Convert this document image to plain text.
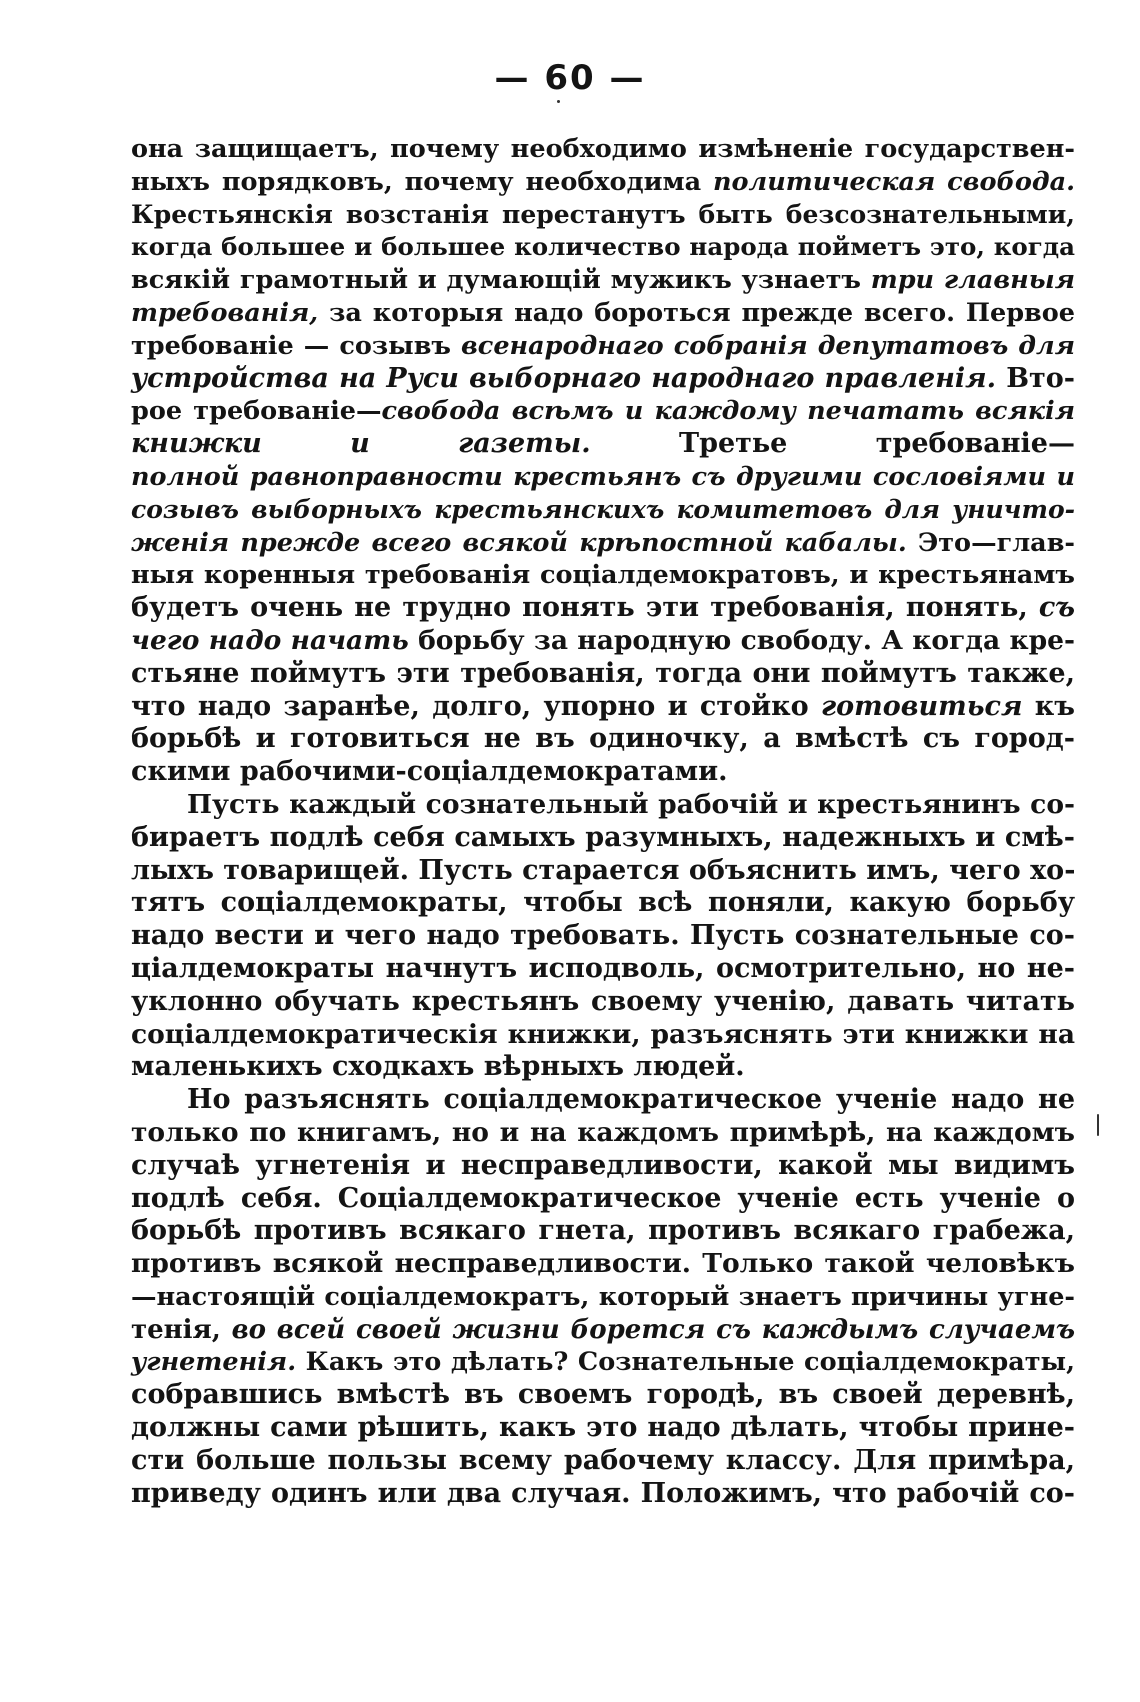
— 60 —
она защищаетъ, почему необходимо измѣненіе государствен-
ныхъ порядковъ, почему необходима политическая свобода.
Крестьянскія возстанія перестанутъ быть безсознательными,
когда большее и большее количество народа пойметъ это, когда
всякій грамотный и думающій мужикъ узнаетъ три главныя
требованія, за которыя надо бороться прежде всего. Первое
требованіе — созывъ всенароднаго собранія депутатовъ для
устройства на Руси выборнаго народнаго правленія. Вто-
рое требованіе—свобода всѣмъ и каждому печатать всякія
книжки и газеты. Третье требованіе—
полной равноправности крестьянъ съ другими сословіями и
созывъ выборныхъ крестьянскихъ комитетовъ для уничто-
женія прежде всего всякой крѣпостной кабалы. Это—глав-
ныя коренныя требованія соціалдемократовъ, и крестьянамъ
будетъ очень не трудно понять эти требованія, понять, съ
чего надо начать борьбу за народную свободу. А когда кре-
стьяне поймутъ эти требованія, тогда они поймутъ также,
что надо заранѣе, долго, упорно и стойко готовиться къ
борьбѣ и готовиться не въ одиночку, а вмѣстѣ съ город-
скими рабочими-соціалдемократами.
Пусть каждый сознательный рабочій и крестьянинъ со-
бираетъ подлѣ себя самыхъ разумныхъ, надежныхъ и смѣ-
лыхъ товарищей. Пусть старается объяснить имъ, чего хо-
тятъ соціалдемократы, чтобы всѣ поняли, какую борьбу
надо вести и чего надо требовать. Пусть сознательные со-
ціалдемократы начнутъ исподволь, осмотрительно, но не-
уклонно обучать крестьянъ своему ученію, давать читать
соціалдемократическія книжки, разъяснять эти книжки на
маленькихъ сходкахъ вѣрныхъ людей.
Но разъяснять соціалдемократическое ученіе надо не
только по книгамъ, но и на каждомъ примѣрѣ, на каждомъ
случаѣ угнетенія и несправедливости, какой мы видимъ
подлѣ себя. Соціалдемократическое ученіе есть ученіе о
борьбѣ противъ всякаго гнета, противъ всякаго грабежа,
противъ всякой несправедливости. Только такой человѣкъ
—настоящій соціалдемократъ, который знаетъ причины угне-
тенія, во всей своей жизни борется съ каждымъ случаемъ
угнетенія. Какъ это дѣлать? Сознательные соціалдемократы,
собравшись вмѣстѣ въ своемъ городѣ, въ своей деревнѣ,
должны сами рѣшить, какъ это надо дѣлать, чтобы прине-
сти больше пользы всему рабочему классу. Для примѣра,
приведу одинъ или два случая. Положимъ, что рабочій со-
